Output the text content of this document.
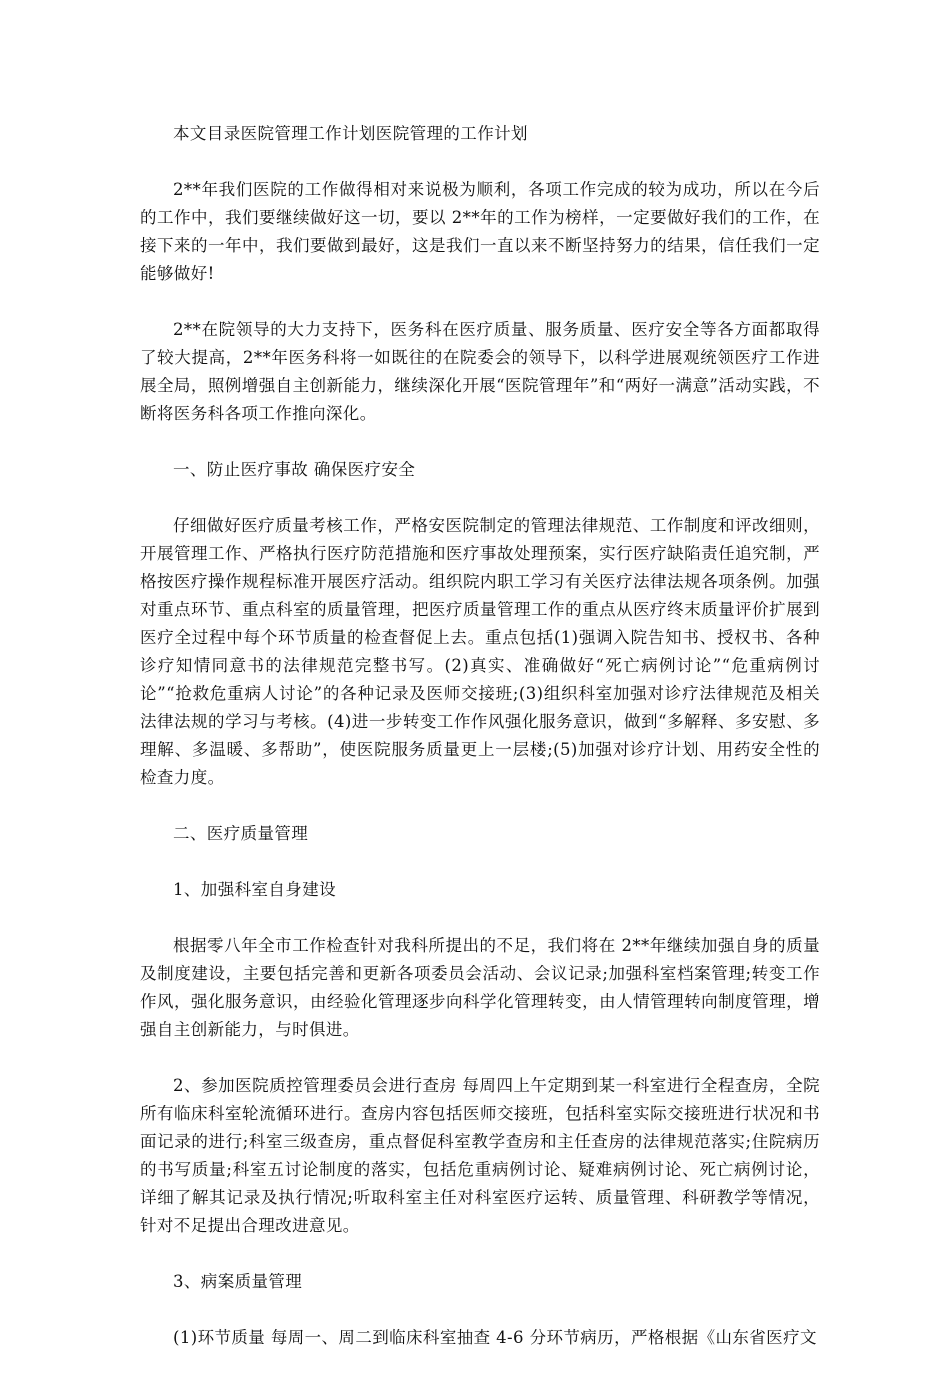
本文目录医院管理工作计划医院管理的工作计划

2**年我们医院的工作做得相对来说极为顺利，各项工作完成的较为成功，所以在今后的工作中，我们要继续做好这一切，要以 2**年的工作为榜样，一定要做好我们的工作，在接下来的一年中，我们要做到最好，这是我们一直以来不断坚持努力的结果，信任我们一定能够做好!

2**在院领导的大力支持下，医务科在医疗质量、服务质量、医疗安全等各方面都取得了较大提高，2**年医务科将一如既往的在院委会的领导下，以科学进展观统领医疗工作进展全局，照例增强自主创新能力，继续深化开展“医院管理年”和“两好一满意”活动实践，不断将医务科各项工作推向深化。

一、防止医疗事故 确保医疗安全

仔细做好医疗质量考核工作，严格安医院制定的管理法律规范、工作制度和评改细则，开展管理工作、严格执行医疗防范措施和医疗事故处理预案，实行医疗缺陷责任追究制，严格按医疗操作规程标准开展医疗活动。组织院内职工学习有关医疗法律法规各项条例。加强对重点环节、重点科室的质量管理，把医疗质量管理工作的重点从医疗终末质量评价扩展到医疗全过程中每个环节质量的检查督促上去。重点包括(1)强调入院告知书、授权书、各种诊疗知情同意书的法律规范完整书写。(2)真实、准确做好“死亡病例讨论”“危重病例讨论”“抢救危重病人讨论”的各种记录及医师交接班;(3)组织科室加强对诊疗法律规范及相关法律法规的学习与考核。(4)进一步转变工作作风强化服务意识，做到“多解释、多安慰、多理解、多温暖、多帮助”，使医院服务质量更上一层楼;(5)加强对诊疗计划、用药安全性的检查力度。

二、医疗质量管理

1、加强科室自身建设

根据零八年全市工作检查针对我科所提出的不足，我们将在 2**年继续加强自身的质量及制度建设，主要包括完善和更新各项委员会活动、会议记录;加强科室档案管理;转变工作作风，强化服务意识，由经验化管理逐步向科学化管理转变，由人情管理转向制度管理，增强自主创新能力，与时俱进。

2、参加医院质控管理委员会进行查房 每周四上午定期到某一科室进行全程查房，全院所有临床科室轮流循环进行。查房内容包括医师交接班，包括科室实际交接班进行状况和书面记录的进行;科室三级查房，重点督促科室教学查房和主任查房的法律规范落实;住院病历的书写质量;科室五讨论制度的落实，包括危重病例讨论、疑难病例讨论、死亡病例讨论，详细了解其记录及执行情况;听取科室主任对科室医疗运转、质量管理、科研教学等情况，针对不足提出合理改进意见。

3、病案质量管理

(1)环节质量 每周一、周二到临床科室抽查 4-6 分环节病历，严格根据《山东省医疗文
